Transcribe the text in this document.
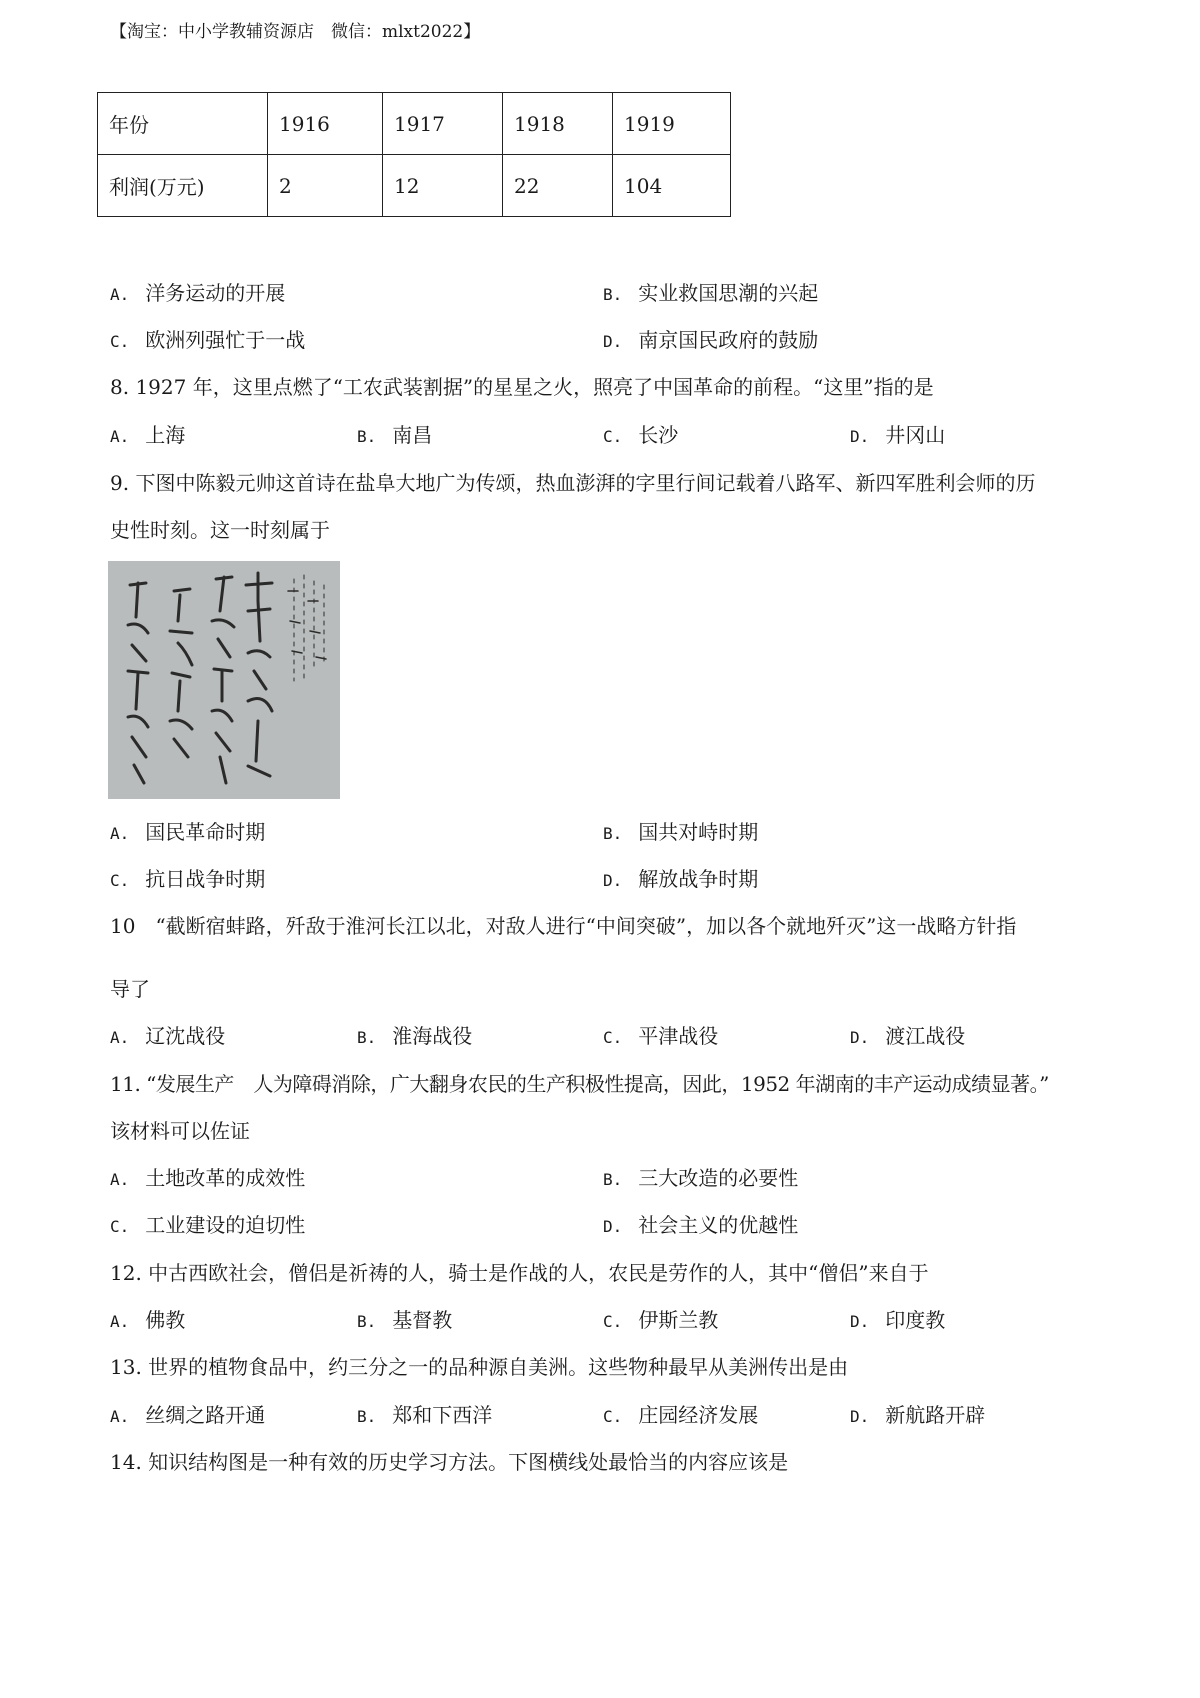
【淘宝：中小学教辅资源店　微信：mlxt2022】
年份	1916	1917	1918	1919
利润(万元)	2	12	22	104
A. 洋务运动的开展	B. 实业救国思潮的兴起
C. 欧洲列强忙于一战	D. 南京国民政府的鼓励
8. 1927 年，这里点燃了“工农武装割据”的星星之火，照亮了中国革命的前程。“这里”指的是
A. 上海	B. 南昌	C. 长沙	D. 井冈山
9. 下图中陈毅元帅这首诗在盐阜大地广为传颂，热血澎湃的字里行间记载着八路军、新四军胜利会师的历
史性时刻。这一时刻属于
A. 国民革命时期	B. 国共对峙时期
C. 抗日战争时期	D. 解放战争时期
10　“截断宿蚌路，歼敌于淮河长江以北，对敌人进行“中间突破”，加以各个就地歼灭”这一战略方针指
导了
A. 辽沈战役	B. 淮海战役	C. 平津战役	D. 渡江战役
11. “发展生产　人为障碍消除，广大翻身农民的生产积极性提高，因此，1952 年湖南的丰产运动成绩显著。”
该材料可以佐证
A. 土地改革的成效性	B. 三大改造的必要性
C. 工业建设的迫切性	D. 社会主义的优越性
12. 中古西欧社会，僧侣是祈祷的人，骑士是作战的人，农民是劳作的人，其中“僧侣”来自于
A. 佛教	B. 基督教	C. 伊斯兰教	D. 印度教
13. 世界的植物食品中，约三分之一的品种源自美洲。这些物种最早从美洲传出是由
A. 丝绸之路开通	B. 郑和下西洋	C. 庄园经济发展	D. 新航路开辟
14. 知识结构图是一种有效的历史学习方法。下图横线处最恰当的内容应该是
